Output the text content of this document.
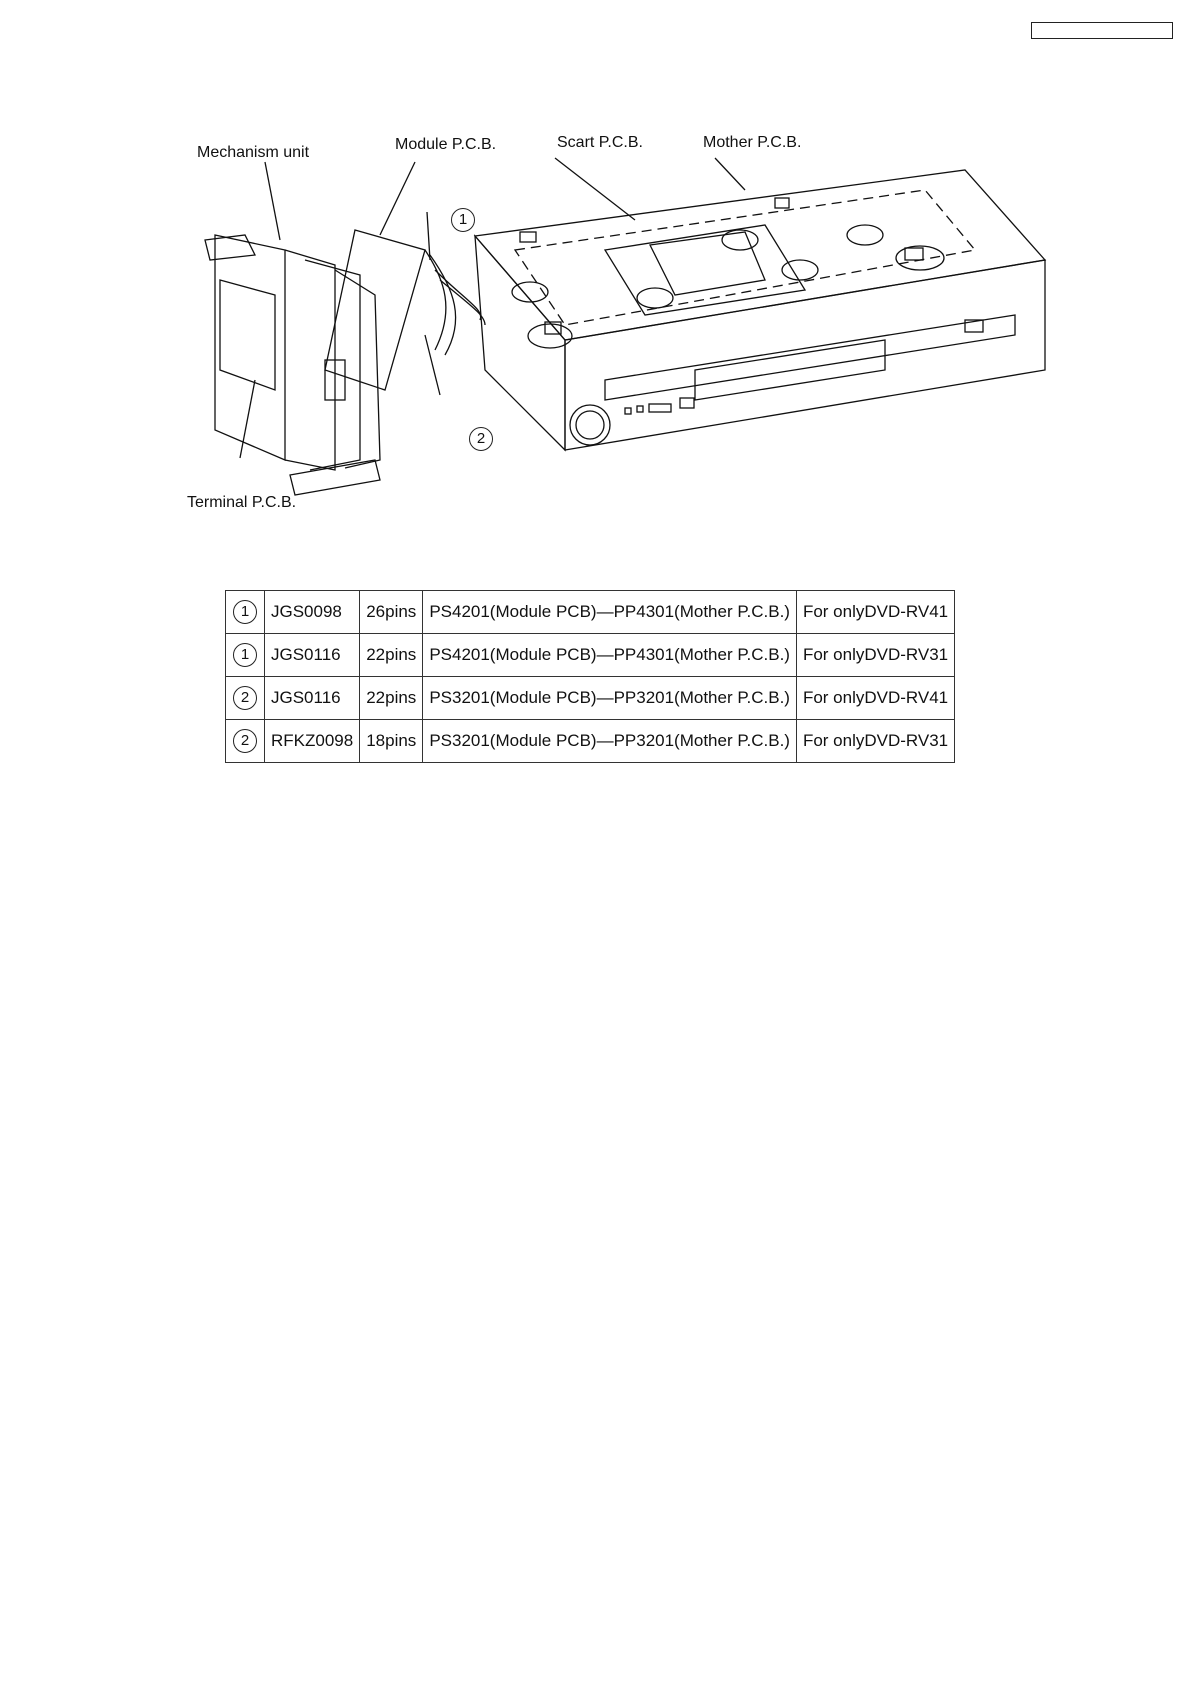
Mechanism unit	Module P.C.B.	Scart P.C.B.	Mother P.C.B.
Terminal P.C.B.
1
2
1	JGS0098	26pins	PS4201(Module PCB)—PP4301(Mother P.C.B.)	For onlyDVD-RV41
1	JGS0116	22pins	PS4201(Module PCB)—PP4301(Mother P.C.B.)	For onlyDVD-RV31
2	JGS0116	22pins	PS3201(Module PCB)—PP3201(Mother P.C.B.)	For onlyDVD-RV41
2	RFKZ0098	18pins	PS3201(Module PCB)—PP3201(Mother P.C.B.)	For onlyDVD-RV31
